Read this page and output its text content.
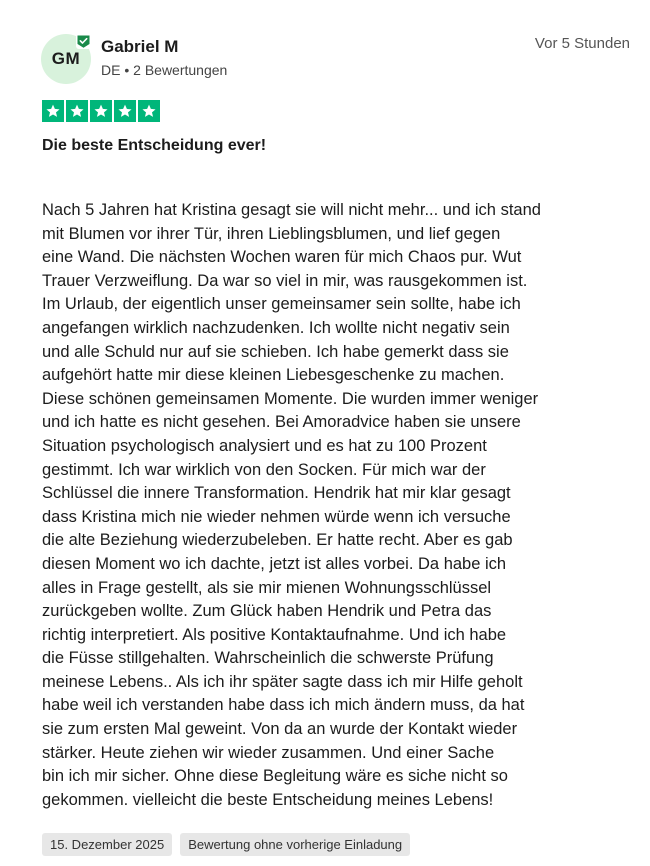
GM
Gabriel M
DE • 2 Bewertungen
Vor 5 Stunden
Die beste Entscheidung ever!
Nach 5 Jahren hat Kristina gesagt sie will nicht mehr... und ich stand
mit Blumen vor ihrer Tür, ihren Lieblingsblumen, und lief gegen
eine Wand. Die nächsten Wochen waren für mich Chaos pur. Wut
Trauer Verzweiflung. Da war so viel in mir, was rausgekommen ist.
Im Urlaub, der eigentlich unser gemeinsamer sein sollte, habe ich
angefangen wirklich nachzudenken. Ich wollte nicht negativ sein
und alle Schuld nur auf sie schieben. Ich habe gemerkt dass sie
aufgehört hatte mir diese kleinen Liebesgeschenke zu machen.
Diese schönen gemeinsamen Momente. Die wurden immer weniger
und ich hatte es nicht gesehen. Bei Amoradvice haben sie unsere
Situation psychologisch analysiert und es hat zu 100 Prozent
gestimmt. Ich war wirklich von den Socken. Für mich war der
Schlüssel die innere Transformation. Hendrik hat mir klar gesagt
dass Kristina mich nie wieder nehmen würde wenn ich versuche
die alte Beziehung wiederzubeleben. Er hatte recht. Aber es gab
diesen Moment wo ich dachte, jetzt ist alles vorbei. Da habe ich
alles in Frage gestellt, als sie mir mienen Wohnungsschlüssel
zurückgeben wollte. Zum Glück haben Hendrik und Petra das
richtig interpretiert. Als positive Kontaktaufnahme. Und ich habe
die Füsse stillgehalten. Wahrscheinlich die schwerste Prüfung
meinese Lebens.. Als ich ihr später sagte dass ich mir Hilfe geholt
habe weil ich verstanden habe dass ich mich ändern muss, da hat
sie zum ersten Mal geweint. Von da an wurde der Kontakt wieder
stärker. Heute ziehen wir wieder zusammen. Und einer Sache
bin ich mir sicher. Ohne diese Begleitung wäre es siche nicht so
gekommen. vielleicht die beste Entscheidung meines Lebens!
15. Dezember 2025	Bewertung ohne vorherige Einladung
